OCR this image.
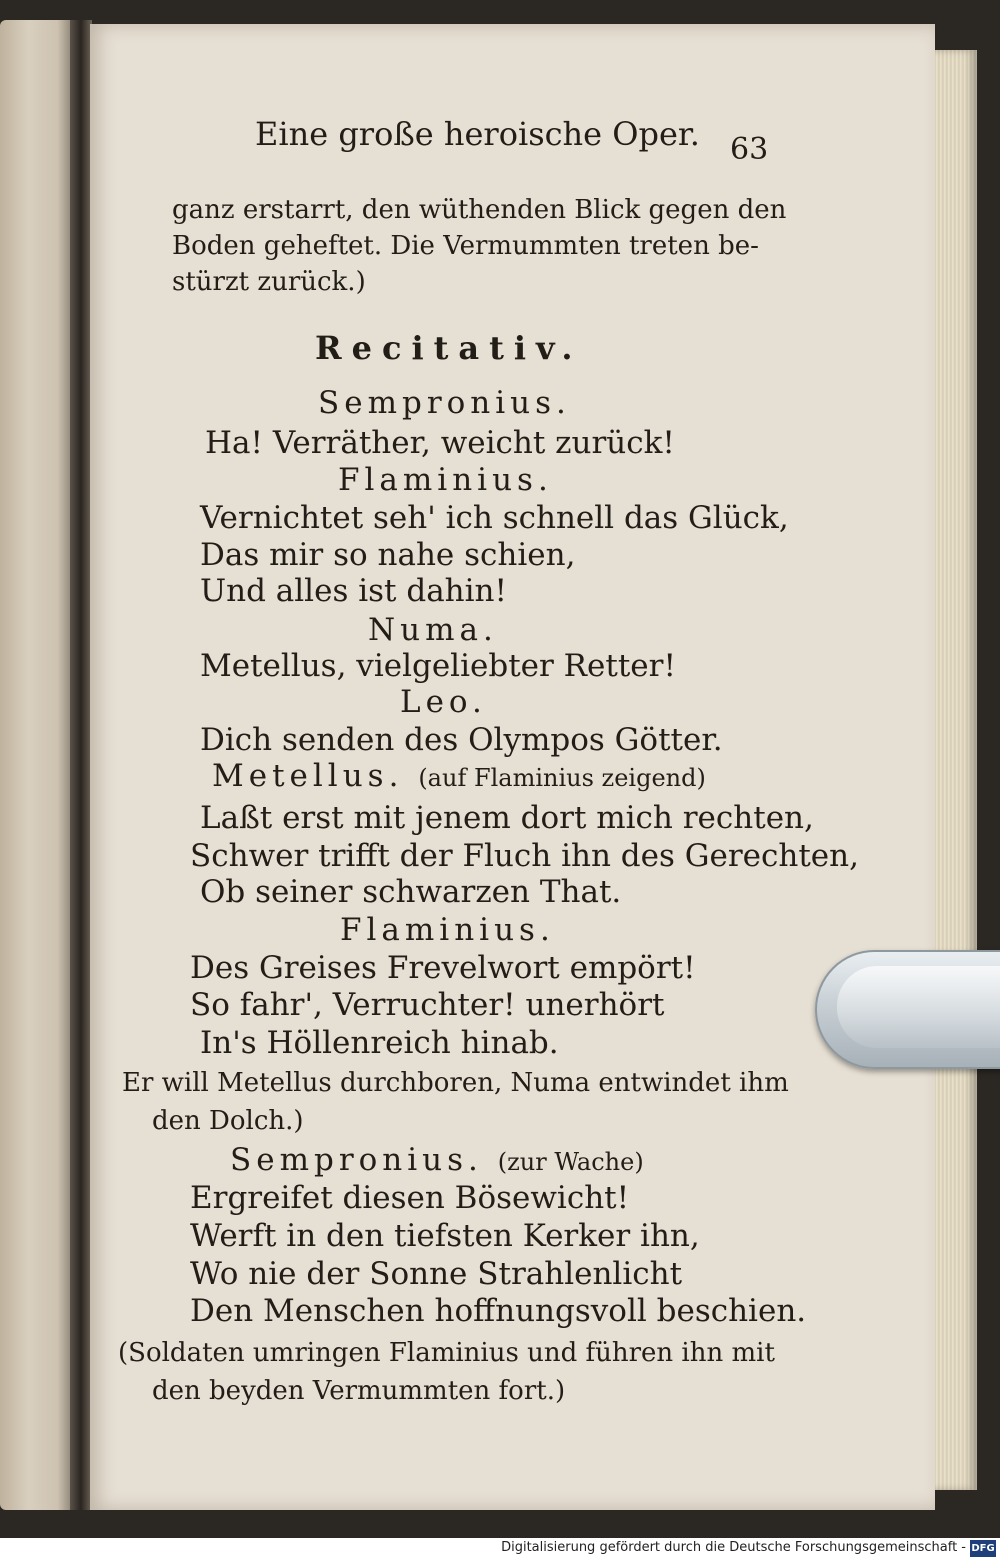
Eine große heroische Oper. 63
ganz erstarrt, den wüthenden Blick gegen den
Boden geheftet. Die Vermummten treten be-
stürzt zurück.)
Recitativ.
Sempronius.
Ha! Verräther, weicht zurück!
Flaminius.
Vernichtet seh' ich schnell das Glück,
Das mir so nahe schien,
Und alles ist dahin!
Numa.
Metellus, vielgeliebter Retter!
Leo.
Dich senden des Olympos Götter.
Metellus. (auf Flaminius zeigend)
Laßt erst mit jenem dort mich rechten,
Schwer trifft der Fluch ihn des Gerechten,
Ob seiner schwarzen That.
Flaminius.
Des Greises Frevelwort empört!
So fahr', Verruchter! unerhört
In's Höllenreich hinab.
Er will Metellus durchboren, Numa entwindet ihm
den Dolch.)
Sempronius. (zur Wache)
Ergreifet diesen Bösewicht!
Werft in den tiefsten Kerker ihn,
Wo nie der Sonne Strahlenlicht
Den Menschen hoffnungsvoll beschien.
(Soldaten umringen Flaminius und führen ihn mit
den beyden Vermummten fort.)
Digitalisierung gefördert durch die Deutsche Forschungsgemeinschaft - DFG
